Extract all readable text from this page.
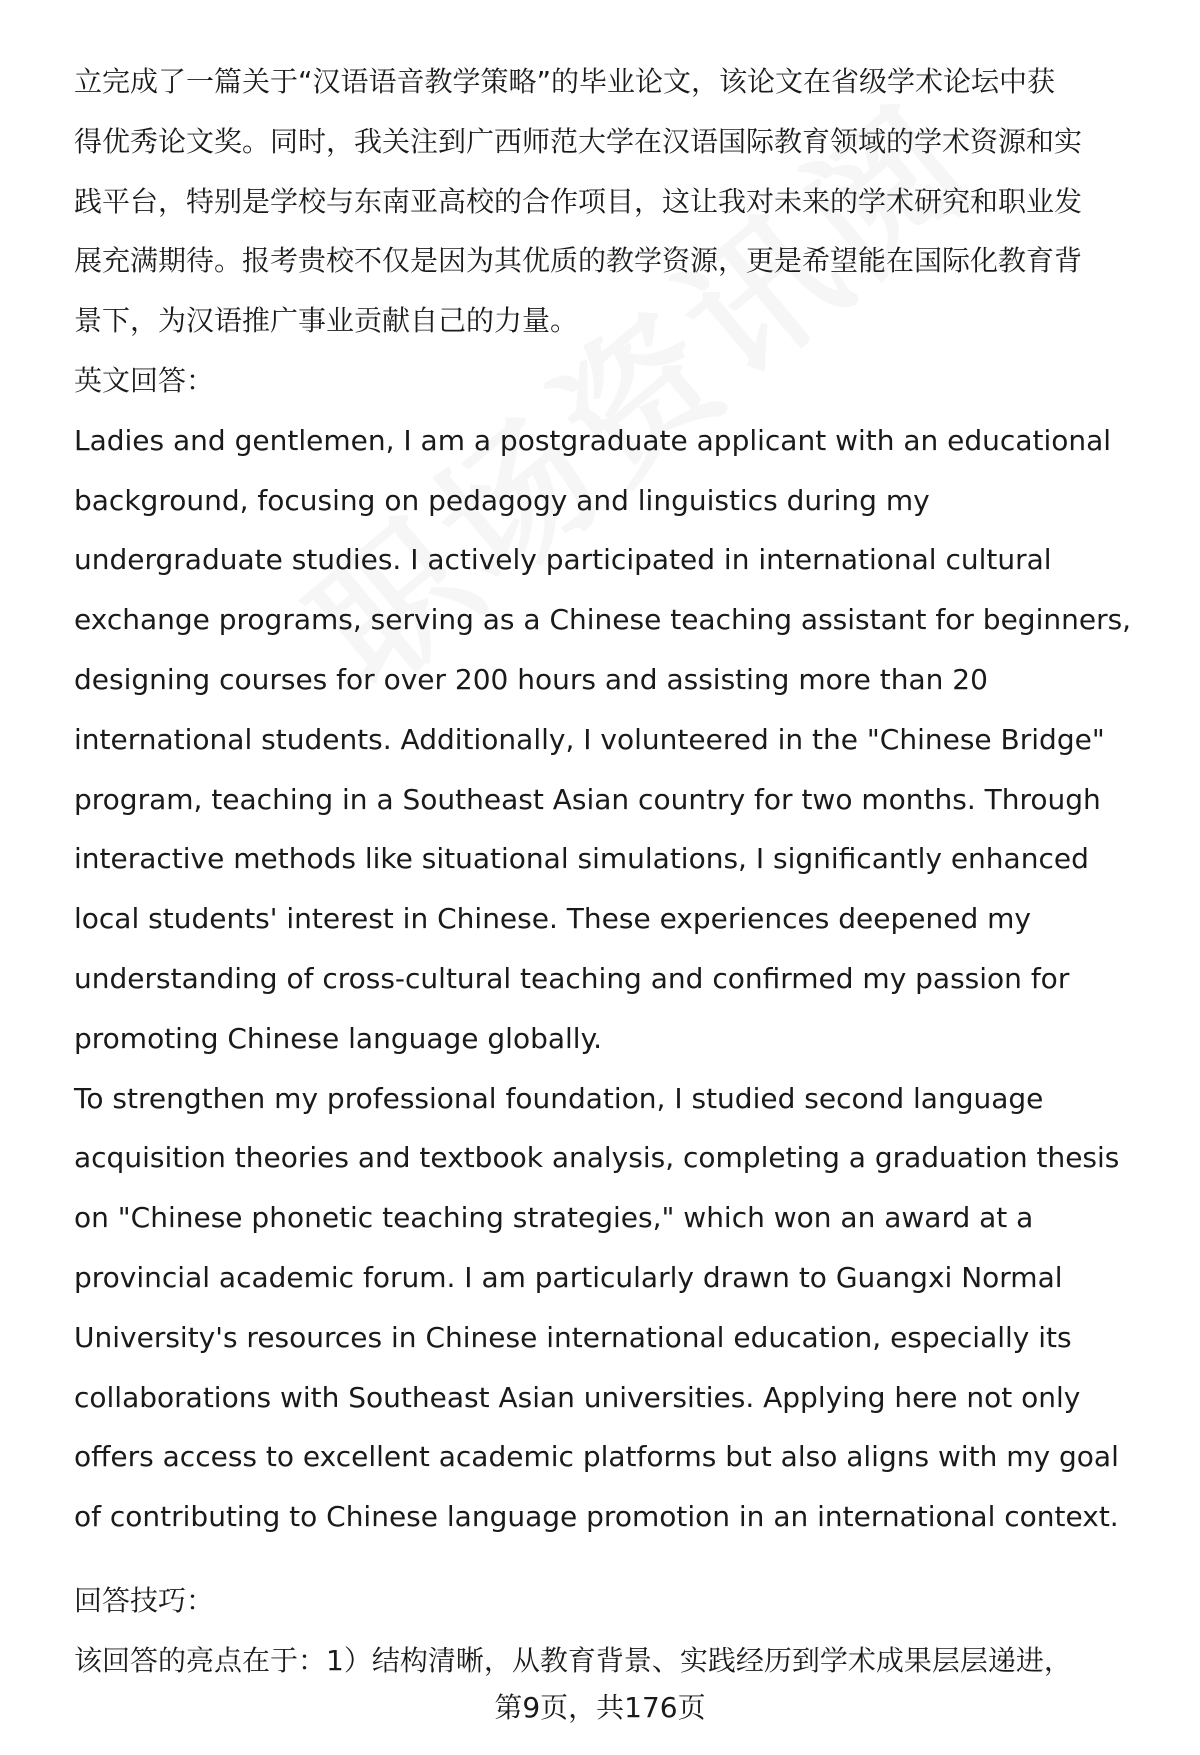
立完成了一篇关于“汉语语音教学策略”的毕业论文，该论文在省级学术论坛中获
得优秀论文奖。同时，我关注到广西师范大学在汉语国际教育领域的学术资源和实
践平台，特别是学校与东南亚高校的合作项目，这让我对未来的学术研究和职业发
展充满期待。报考贵校不仅是因为其优质的教学资源，更是希望能在国际化教育背
景下，为汉语推广事业贡献自己的力量。

英文回答：

Ladies and gentlemen, I am a postgraduate applicant with an educational
background, focusing on pedagogy and linguistics during my
undergraduate studies. I actively participated in international cultural
exchange programs, serving as a Chinese teaching assistant for beginners,
designing courses for over 200 hours and assisting more than 20
international students. Additionally, I volunteered in the "Chinese Bridge"
program, teaching in a Southeast Asian country for two months. Through
interactive methods like situational simulations, I significantly enhanced
local students' interest in Chinese. These experiences deepened my
understanding of cross-cultural teaching and confirmed my passion for
promoting Chinese language globally.

To strengthen my professional foundation, I studied second language
acquisition theories and textbook analysis, completing a graduation thesis
on "Chinese phonetic teaching strategies," which won an award at a
provincial academic forum. I am particularly drawn to Guangxi Normal
University's resources in Chinese international education, especially its
collaborations with Southeast Asian universities. Applying here not only
offers access to excellent academic platforms but also aligns with my goal
of contributing to Chinese language promotion in an international context.

回答技巧：

该回答的亮点在于：1）结构清晰，从教育背景、实践经历到学术成果层层递进，

第9页，共176页
